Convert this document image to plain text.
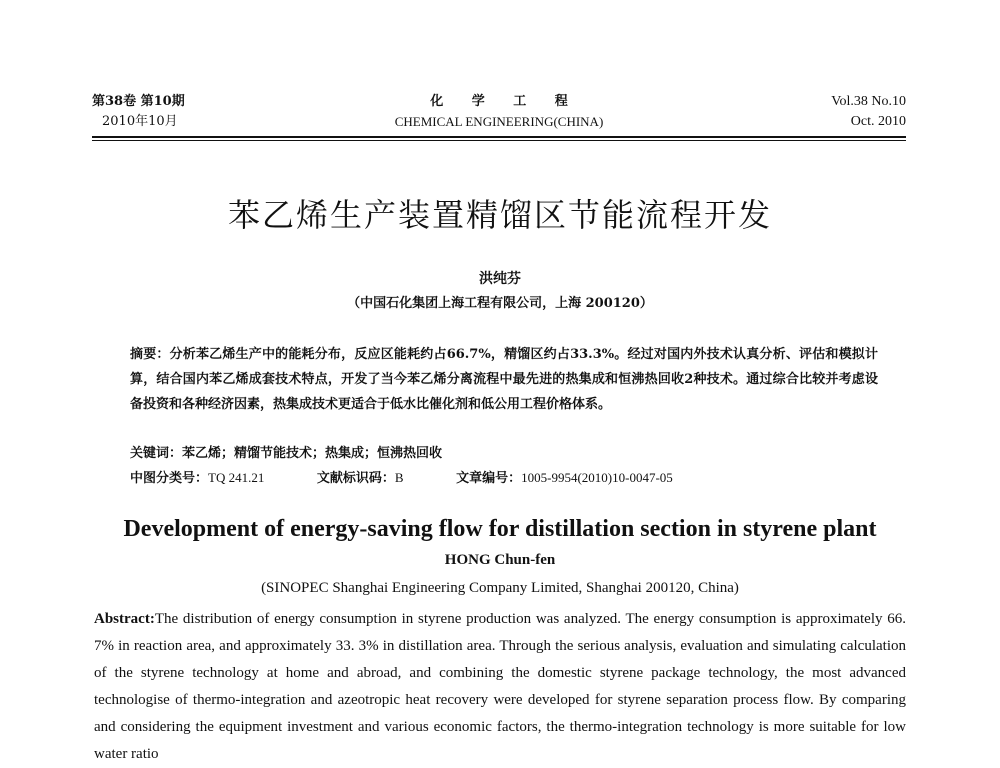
第38卷 第10期
2010年10月
化 学 工 程
CHEMICAL ENGINEERING(CHINA)
Vol.38 No.10
Oct. 2010
苯乙烯生产装置精馏区节能流程开发
洪纯芬
（中国石化集团上海工程有限公司，上海 200120）
摘要：分析苯乙烯生产中的能耗分布，反应区能耗约占66.7%，精馏区约占33.3%。经过对国内外技术认真分析、评估和模拟计算，结合国内苯乙烯成套技术特点，开发了当今苯乙烯分离流程中最先进的热集成和恒沸热回收2种技术。通过综合比较并考虑设备投资和各种经济因素，热集成技术更适合于低水比催化剂和低公用工程价格体系。
关键词：苯乙烯；精馏节能技术；热集成；恒沸热回收
中图分类号：TQ 241.21	文献标识码：B	文章编号：1005-9954(2010)10-0047-05
Development of energy-saving flow for distillation section in styrene plant
HONG Chun-fen
(SINOPEC Shanghai Engineering Company Limited, Shanghai 200120, China)
Abstract:The distribution of energy consumption in styrene production was analyzed. The energy consumption is approximately 66. 7% in reaction area, and approximately 33. 3% in distillation area. Through the serious analysis, evaluation and simulating calculation of the styrene technology at home and abroad, and combining the domestic styrene package technology, the most advanced technologise of thermo-integration and azeotropic heat recovery were developed for styrene separation process flow. By comparing and considering the equipment investment and various economic factors, the thermo-integration technology is more suitable for low water ratio
